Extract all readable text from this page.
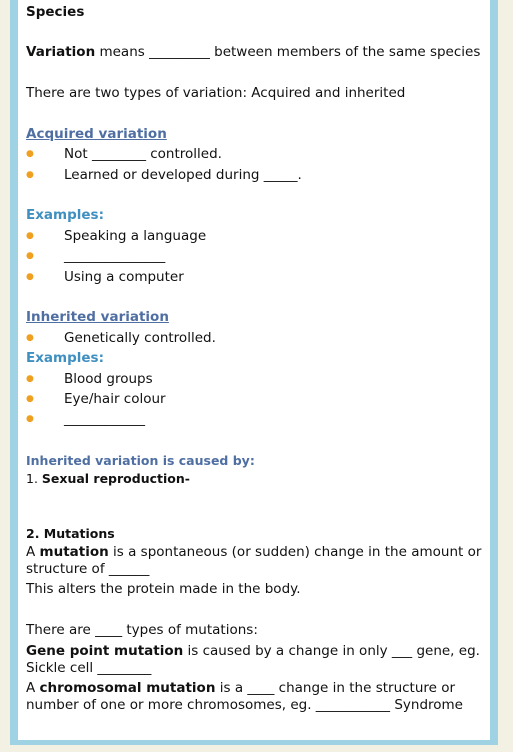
Species
Variation means _________ between members of the same species
There are two types of variation: Acquired and inherited
Acquired variation
● Not ________ controlled.
● Learned or developed during _____.
Examples:
● Speaking a language
● _______________
● Using a computer
Inherited variation
● Genetically controlled.
Examples:
● Blood groups
● Eye/hair colour
● ____________
Inherited variation is caused by:
1. Sexual reproduction-
2. Mutations
A mutation is a spontaneous (or sudden) change in the amount or
structure of ______
This alters the protein made in the body.
There are ____ types of mutations:
Gene point mutation is caused by a change in only ___ gene, eg.
Sickle cell ________
A chromosomal mutation is a ____ change in the structure or
number of one or more chromosomes, eg. ___________ Syndrome
